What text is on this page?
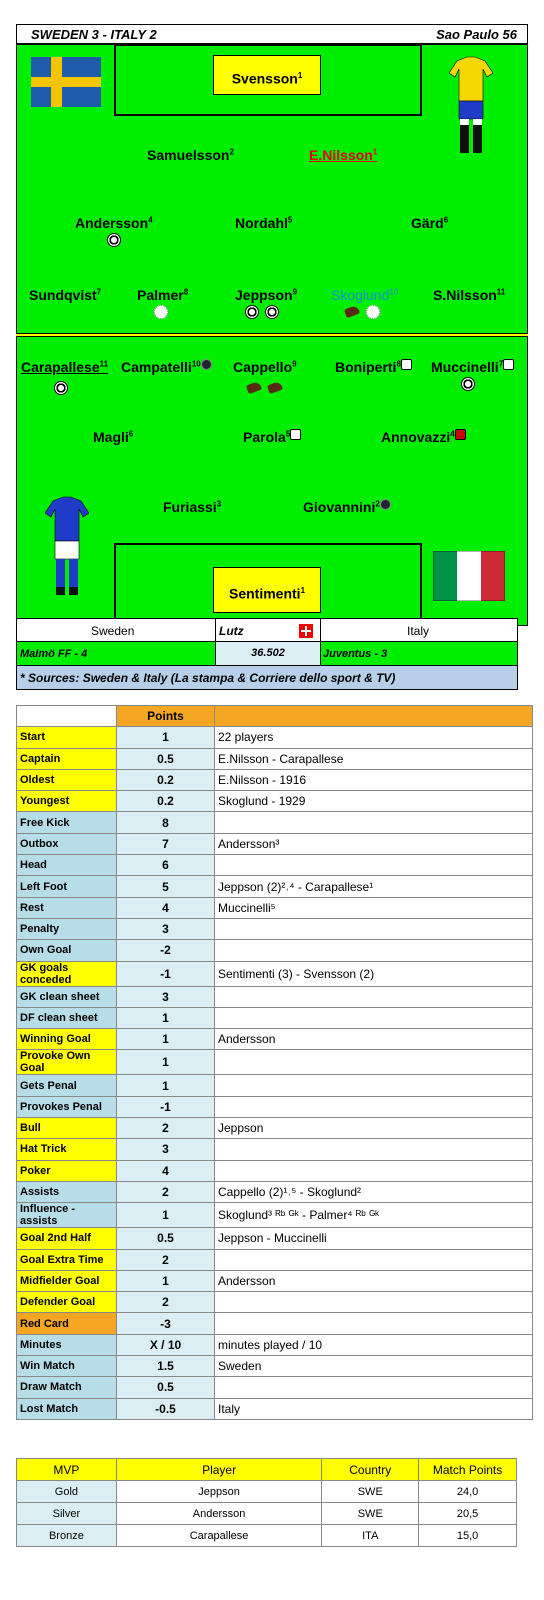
SWEDEN 3 - ITALY 2	Sao Paulo 56
Svensson$^1$
Samuelsson$^2$	E.Nilsson$^1$
Andersson$^4$	Nordahl$^5$	Gärd$^6$
Sundqvist$^7$	Palmer$^8$	Jeppson$^9$ Skoglund$^{10}$ S.Nilsson$^{11}$
Carapallese$^{11}$ Campatelli$^{10}$	Cappello$^9$	Boniperti$^8$	Muccinelli$^7$
Magli$^6$	Parola$^5$	Annovazzi$^4$
Furiassi$^3$	Giovannini$^2$
Sentimenti$^1$
Sweden	Lutz	Italy
Malmö FF - 4	36.502	Juventus - 3
* Sources: Sweden & Italy (La stampa & Corriere dello sport & TV)
	Points	
Start	1	22 players
Captain	0.5	E.Nilsson - Carapallese
Oldest	0.2	E.Nilsson - 1916
Youngest	0.2	Skoglund - 1929
Free Kick	8	
Outbox	7	Andersson³
Head	6	
Left Foot	5	Jeppson (2)²˒⁴ - Carapallese¹
Rest	4	Muccinelli⁵
Penalty	3	
Own Goal	-2	
GK goals conceded	-1	Sentimenti (3) - Svensson (2)
GK clean sheet	3	
DF clean sheet	1	
Winning Goal	1	Andersson
Provoke Own Goal	1	
Gets Penal	1	
Provokes Penal	-1	
Bull	2	Jeppson
Hat Trick	3	
Poker	4	
Assists	2	Cappello (2)¹˒⁵ - Skoglund²
Influence - assists	1	Skoglund³ ᴿᵇ ᴳᵏ - Palmer⁴ ᴿᵇ ᴳᵏ
Goal 2nd Half	0.5	Jeppson - Muccinelli
Goal Extra Time	2	
Midfielder Goal	1	Andersson
Defender Goal	2	
Red Card	-3	
Minutes	X / 10	minutes played / 10
Win Match	1.5	Sweden
Draw Match	0.5	
Lost Match	-0.5	Italy
MVP	Player	Country	Match Points
Gold	Jeppson	SWE	24,0
Silver	Andersson	SWE	20,5
Bronze	Carapallese	ITA	15,0
